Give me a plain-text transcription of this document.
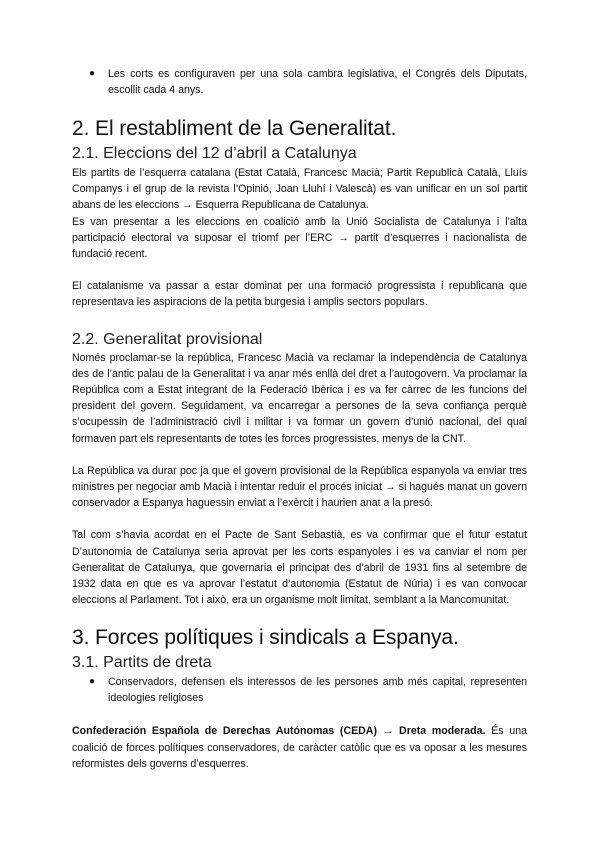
● Les corts es configuraven per una sola cambra legislativa, el Congrés dels Diputats, escollit cada 4 anys.
2. El restabliment de la Generalitat.
2.1. Eleccions del 12 d’abril a Catalunya

Els partits de l’esquerra catalana (Estat Català, Francesc Macià; Partit Republicà Català, Lluís Companys i el grup de la revista l’Opinió, Joan Lluhí i Valescà) es van unificar en un sol partit abans de les eleccions → Esquerra Republicana de Catalunya.

Es van presentar a les eleccions en coalició amb la Unió Socialista de Catalunya i l’alta participació electoral va suposar el triomf per l’ERC → partit d’esquerres i nacionalista de fundació recent.

El catalanisme va passar a estar dominat per una formació progressista i republicana que representava les aspiracions de la petita burgesia i amplis sectors populars.

2.2. Generalitat provisional

Només proclamar-se la república, Francesc Macià va reclamar la independència de Catalunya des de l’antic palau de la Generalitat i va anar més enllà del dret a l’autogovern. Va proclamar la República com a Estat integrant de la Federació Ibèrica i es va fer càrrec de les funcions del president del govern. Seguidament, va encarregar a persones de la seva confiança perquè s’ocupessin de l’administració civil i militar i va formar un govern d’unió nacional, del qual formaven part els representants de totes les forces progressistes, menys de la CNT.

La República va durar poc ja que el govern provisional de la República espanyola va enviar tres ministres per negociar amb Macià i intentar reduir el procés iniciat → si hagués manat un govern conservador a Espanya haguessin enviat a l’exèrcit i haurien anat a la presó.

Tal com s’havia acordat en el Pacte de Sant Sebastià, es va confirmar que el futur estatut D’autonomia de Catalunya seria aprovat per les corts espanyoles i es va canviar el nom per Generalitat de Catalunya, que governaria el principat des d’abril de 1931 fins al setembre de 1932 data en que es va aprovar l’estatut d’autonomia (Estatut de Núria) i es van convocar eleccions al Parlament. Tot i això, era un organisme molt limitat, semblant a la Mancomunitat.

3. Forces polítiques i sindicals a Espanya.
3.1. Partits de dreta
● Conservadors, defensen els interessos de les persones amb més capital, representen ideologies religioses

Confederación Española de Derechas Autónomas (CEDA) → Dreta moderada. És una coalició de forces polítiques conservadores, de caràcter catòlic que es va oposar a les mesures reformistes dels governs d’esquerres.
